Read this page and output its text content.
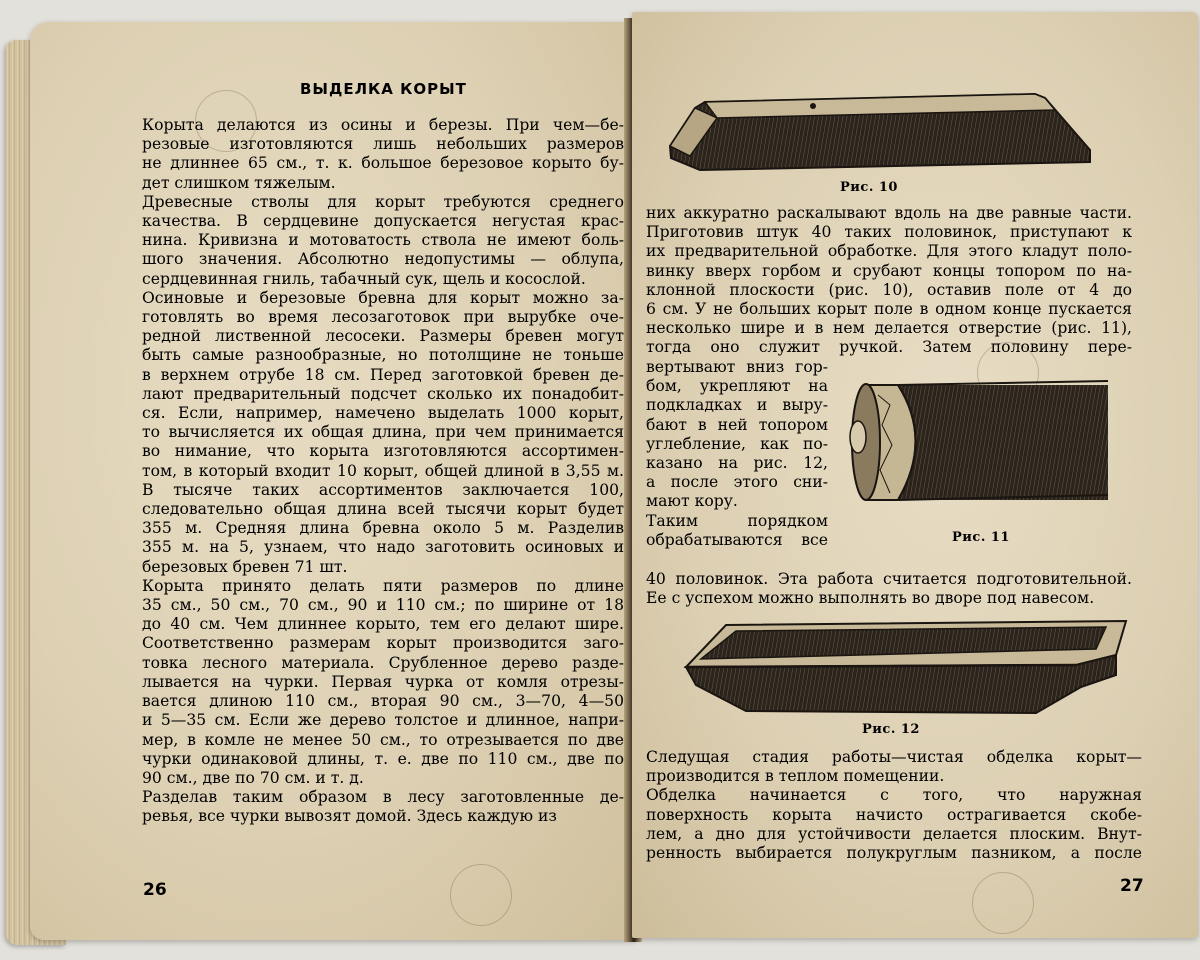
ВЫДЕЛКА КОРЫТ
Корыта делаются из осины и березы. При чем—бе-
резовые изготовляются лишь небольших размеров
не длиннее 65 см., т. к. большое березовое корыто бу-
дет слишком тяжелым.
Древесные стволы для корыт требуются среднего
качества. В сердцевине допускается негустая крас-
нина. Кривизна и мотоватость ствола не имеют боль-
шого значения. Абсолютно недопустимы — облупа,
сердцевинная гниль, табачный сук, щель и косослой.
Осиновые и березовые бревна для корыт можно за-
готовлять во время лесозаготовок при вырубке оче-
редной лиственной лесосеки. Размеры бревен могут
быть самые разнообразные, но потолщине не тоньше
в верхнем отрубе 18 см. Перед заготовкой бревен де-
лают предварительный подсчет сколько их понадобит-
ся. Если, например, намечено выделать 1000 корыт,
то вычисляется их общая длина, при чем принимается
во нимание, что корыта изготовляются ассортимен-
том, в который входит 10 корыт, общей длиной в 3,55 м.
В тысяче таких ассортиментов заключается 100,
следовательно общая длина всей тысячи корыт будет
355 м. Средняя длина бревна около 5 м. Разделив
355 м. на 5, узнаем, что надо заготовить осиновых и
березовых бревен 71 шт.
Корыта принято делать пяти размеров по длине
35 см., 50 см., 70 см., 90 и 110 см.; по ширине от 18
до 40 см. Чем длиннее корыто, тем его делают шире.
Соответственно размерам корыт производится заго-
товка лесного материала. Срубленное дерево разде-
лывается на чурки. Первая чурка от комля отрезы-
вается длиною 110 см., вторая 90 см., 3—70, 4—50
и 5—35 см. Если же дерево толстое и длинное, напри-
мер, в комле не менее 50 см., то отрезывается по две
чурки одинаковой длины, т. е. две по 110 см., две по
90 см., две по 70 см. и т. д.
Разделав таким образом в лесу заготовленные де-
ревья, все чурки вывозят домой. Здесь каждую из
26
Рис. 10
них аккуратно раскалывают вдоль на две равные части.
Приготовив штук 40 таких половинок, приступают к
их предварительной обрабοтке. Для этого кладут поло-
винку вверх горбом и срубают концы топором по на-
клонной плоскости (рис. 10), оставив поле от 4 до
6 см. У не больших корыт поле в одном конце пускается
несколько шире и в нем делается отверстие (рис. 11),
тогда оно служит ручкой. Затем половину пере-
вертывают вниз гор-
бом, укрепляют на
подкладках и выру-
бают в ней топором
углебление, как по-
казано на рис. 12,
а после этого сни-
мают кору.
Таким порядком
обрабатываются все	Рис. 11
40 половинок. Эта работа считается подготовительной.
Ее с успехом можно выполнять во дворе под навесом.
Рис. 12
Следущая стадия работы—чистая обделка корыт—
производится в теплом помещении.
Обделка начинается с того, что наружная
поверхность корыта начисто остpагивается скобе-
лем, а дно для устойчивости делается плоским. Внут-
ренность выбирается полукруглым пазником, а после
27
